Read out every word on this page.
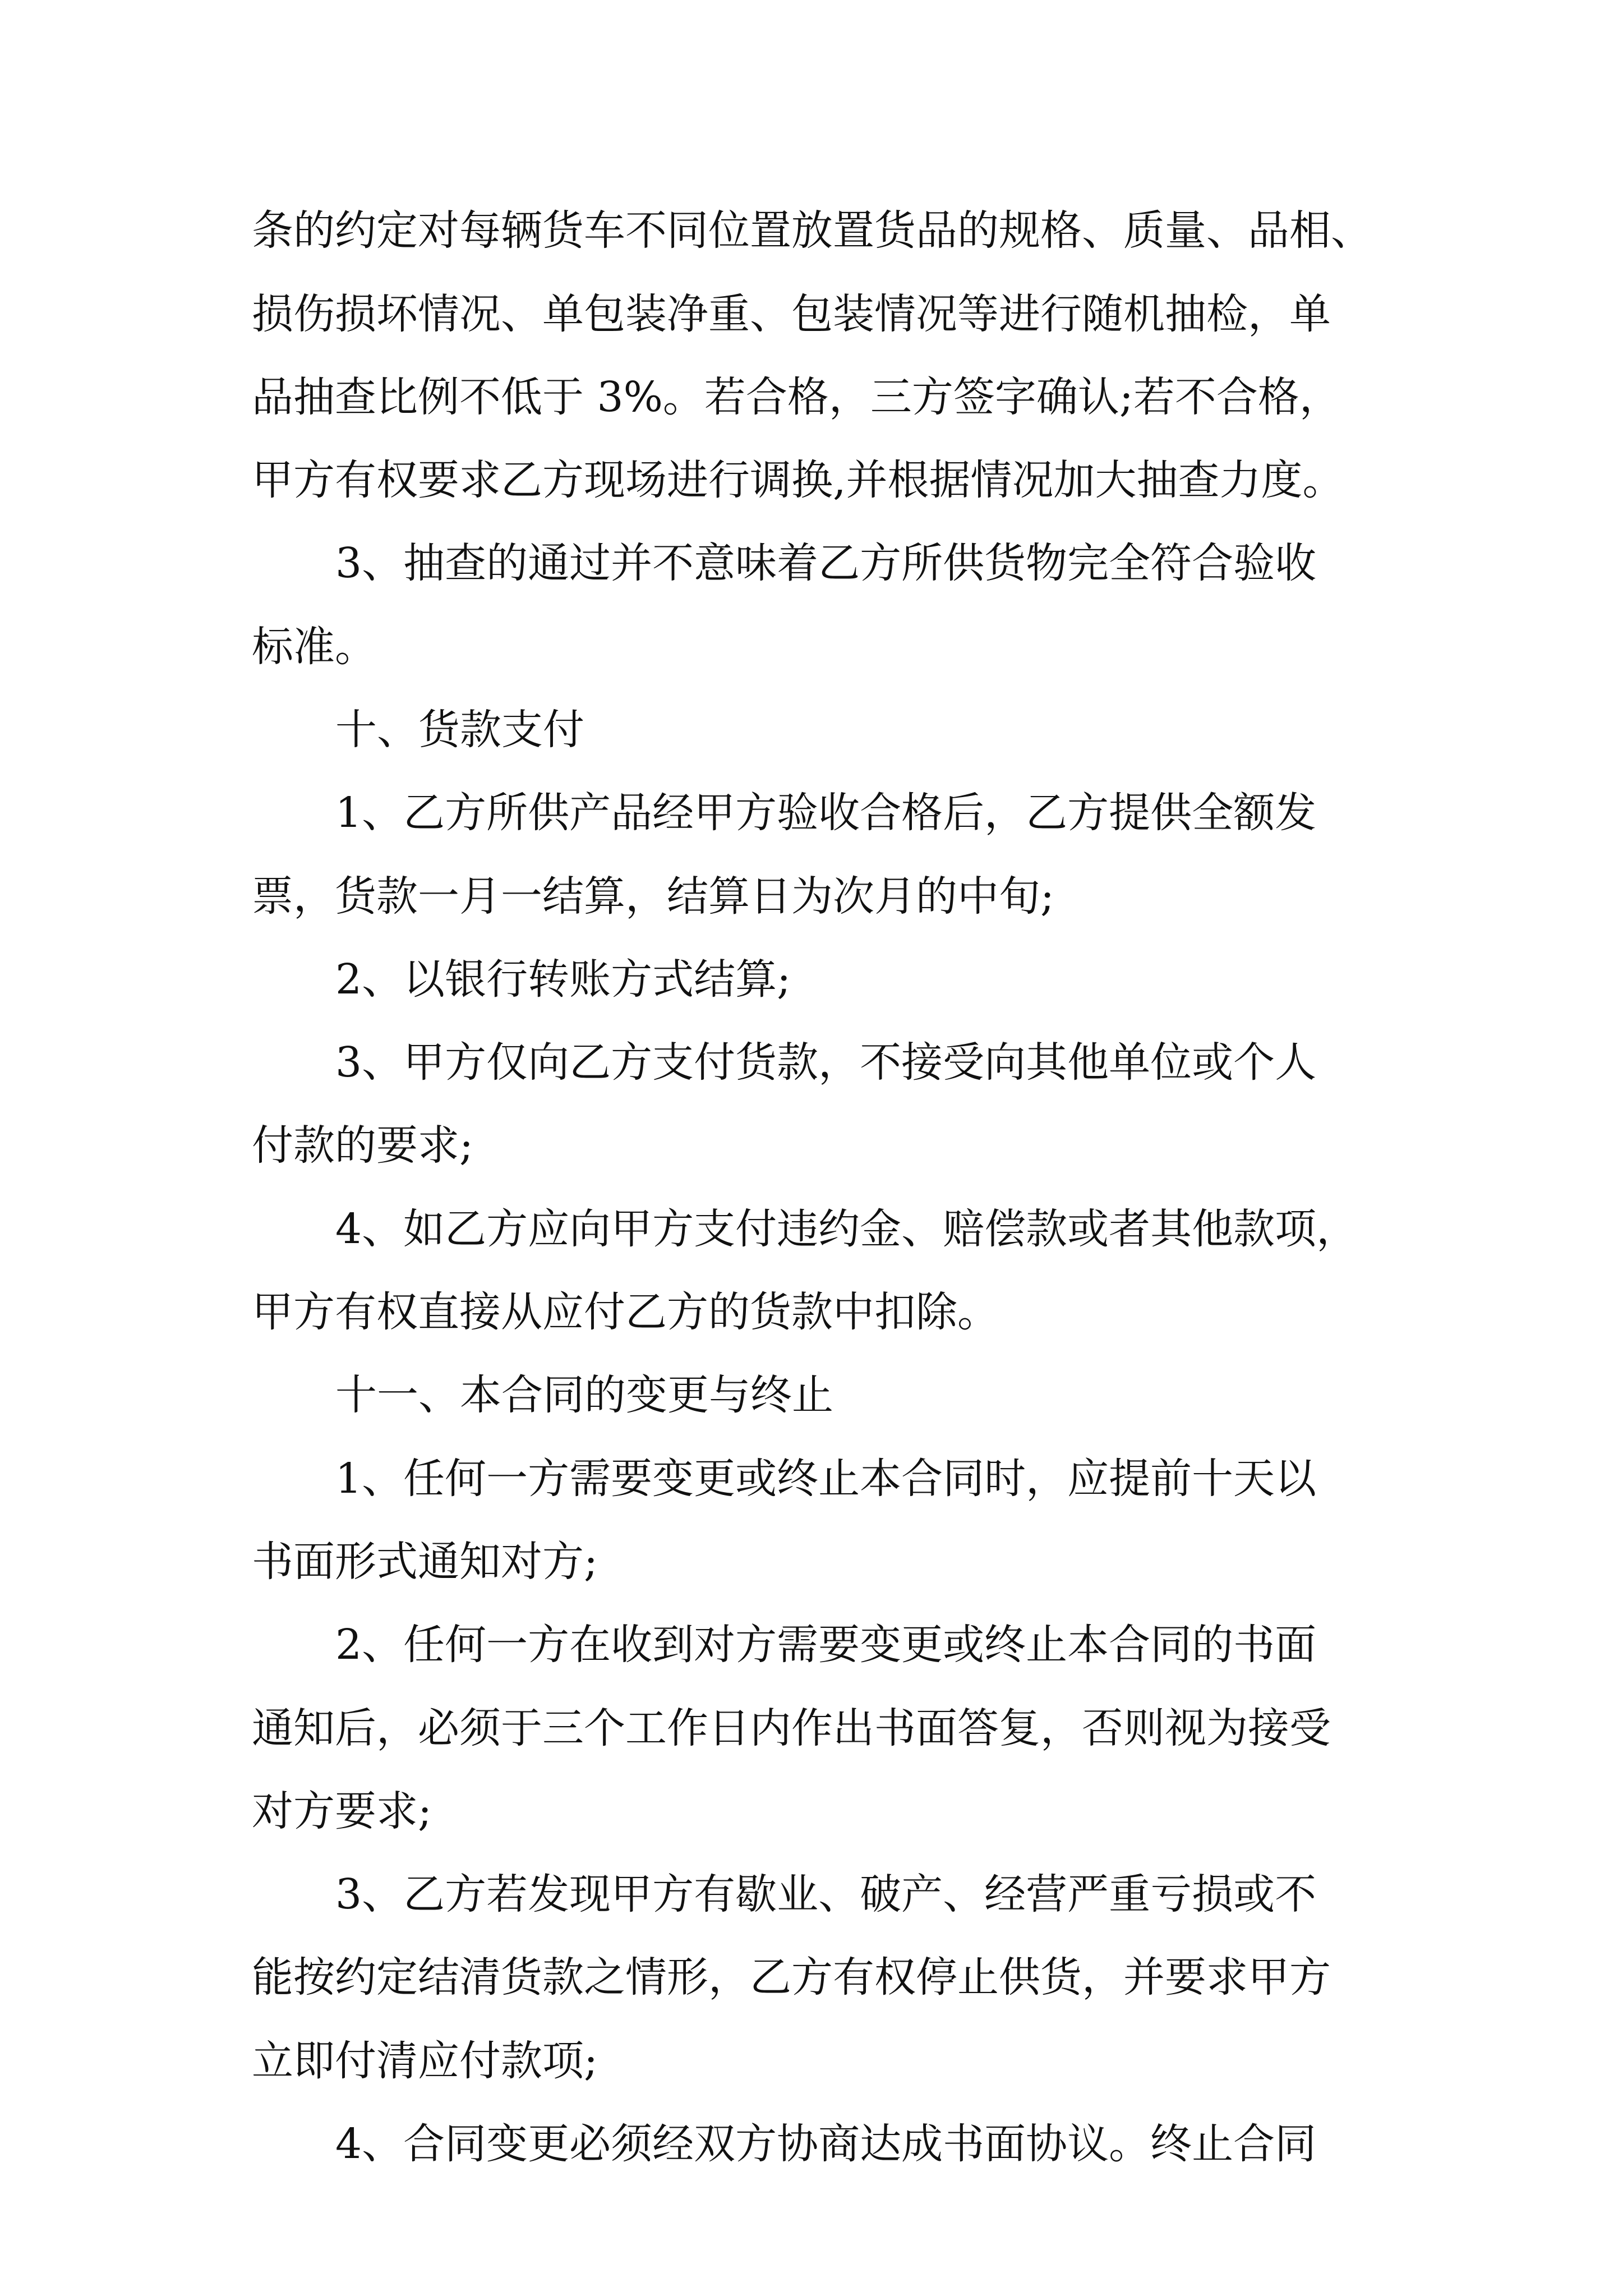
条的约定对每辆货车不同位置放置货品的规格、质量、品相、
损伤损坏情况、单包装净重、包装情况等进行随机抽检，单
品抽查比例不低于 3%。若合格，三方签字确认;若不合格，
甲方有权要求乙方现场进行调换,并根据情况加大抽查力度。
3、抽查的通过并不意味着乙方所供货物完全符合验收
标准。
十、货款支付
1、乙方所供产品经甲方验收合格后，乙方提供全额发
票，货款一月一结算，结算日为次月的中旬;
2、以银行转账方式结算;
3、甲方仅向乙方支付货款，不接受向其他单位或个人
付款的要求;
4、如乙方应向甲方支付违约金、赔偿款或者其他款项，
甲方有权直接从应付乙方的货款中扣除。
十一、本合同的变更与终止
1、任何一方需要变更或终止本合同时，应提前十天以
书面形式通知对方;
2、任何一方在收到对方需要变更或终止本合同的书面
通知后，必须于三个工作日内作出书面答复，否则视为接受
对方要求;
3、乙方若发现甲方有歇业、破产、经营严重亏损或不
能按约定结清货款之情形，乙方有权停止供货，并要求甲方
立即付清应付款项;
4、合同变更必须经双方协商达成书面协议。终止合同
